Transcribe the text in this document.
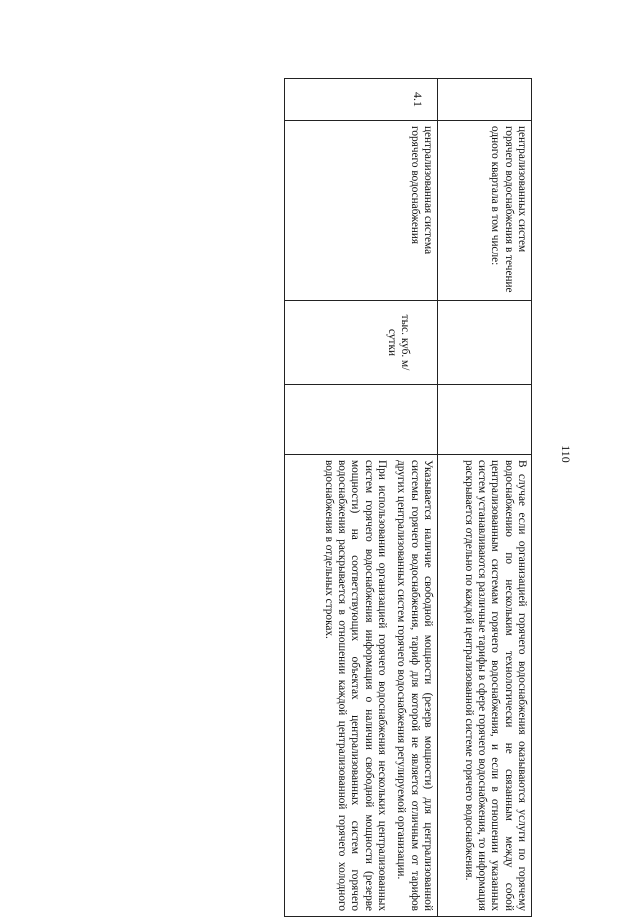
110
	централизованных систем горячего водоснабжения в течение одного квартала в том числе:			В случае если организацией горячего водоснабжения оказываются услуги по горячему водоснабжению по нескольким технологически не связанным между собой централизованным системам горячего водоснабжения, и если в отношении указанных систем устанавливаются различные тарифы в сфере горячего водоснабжения, то информация раскрывается отдельно по каждой централизованной системе горячего водоснабжения.

4.1	централизованная система горячего водоснабжения	тыс. куб. м/ сутки		Указывается наличие свободной мощности (резерв мощности) для централизованной системы горячего водоснабжения, тариф для которой не является отличным от тарифов других централизованных систем горячего водоснабжения регулируемой организации.

При использовании организацией горячего водоснабжения нескольких централизованных систем горячего водоснабжения информация о наличии свободной мощности (резерве мощности) на соответствующих объектах централизованных систем горячего водоснабжения раскрывается в отношении каждой централизованной горячего холодного водоснабжения в отдельных строках.
